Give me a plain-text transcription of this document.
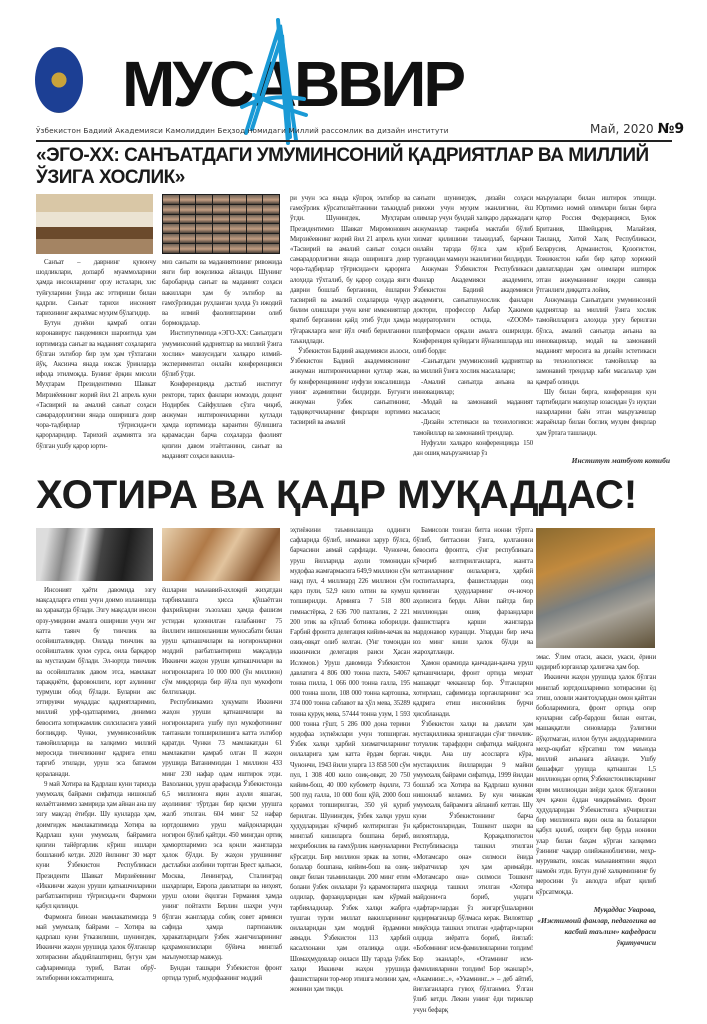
МУСАВВИР
Ўзбекистон Бадиий Академияси Камолиддин Беҳзод номидаги Миллий рассомлик ва дизайн институти	Май, 2020 №9
«ЭГО-ХХ: САНЪАТДАГИ УМУМИНСОНИЙ ҚАДРИЯТЛАР ВА МИЛЛИЙ ЎЗИГА ХОСЛИК»

Санъат – даврнинг қувончу шодликлари, долзарб муаммоларини ҳамда инсонларнинг орзу исталари, хис туйғуларини ўзида акс эттириши билан қадрли. Санъат тарихи инсоният тарихининг ажралмас муҳим бўлагидир.

Бутун дунёни қамраб олган коронавирус пандемияси шароитида ҳам юртимизда санъат ва маданият соҳаларига бўлган эътибор бир зум ҳам тўхтагани йўқ. Аксинча янада юксак ўринларда ифода этилмоқда. Бунинг ёрқин мисоли Муҳтарам Президентимиз Шавкат Мирзиёевнинг жорий йил 21 апрель куни «Тасвирий ва амалий санъат соҳаси самарадорлигини янада оширишга доир чора-тадбирлар тўғрисида»ги қарорларидир. Тарихий аҳамиятга эга бўлган ушбу қарор юрти-

миз санъати ва маданиятининг ривожида янги бир воқеликка айланди. Шунинг баробарида санъат ва маданият соҳаси вакиллари ҳам бу эътибор ва ғамхўрликдан руҳланган ҳолда ўз ижодий ва илмий фаолиятларини олиб бормоқдалар.

Институтимизда «ЭГО-ХХ: Санъатдаги умуминсоний қадриятлар ва миллий ўзига хослик» мавзусидаги халқаро илмий-экспериментал онлайн конференцияси бўлиб ўтди.

Конференцияда дастлаб институт ректори, тарих фанлари номзоди, доцент Нодирбек Сайфуллаев сўзга чиқиб, анжуман иштирокчиларини қутлади ҳамда юртимизда карантин бўлишига қарамасдан барча соҳаларда фаолият қизғин давом этаётганини, санъат ва маданият соҳаси вакилла-

ри учун эса янада кўпроқ эътибор ва ғамхўрлик кўрсатилаётганини таъкидлаб ўтди. Шунингдек, Муҳтарам Президентимиз Шавкат Миромонович Мирзиёевнинг жорий йил 21 апрель куни «Тасвирий ва амалий санъат соҳаси самарадорлигини янада оширишга доир чора-тадбирлар тўғрисида»ги қарорига алоҳида тўхталиб, бу қарор соҳада янги даврни бошлаб берганини, ёшларни тасвирий ва амалий соҳаларида чуқур билим олишлари учун кенг имкониятлар яратиб берганини қайд этиб ўтди ҳамда тўгаракларга кенг йўл очиб берилганини таъкидлади.

Ўзбекистон Бадиий академияси аъзоси, Ўзбекистон Бадиий академиясининг анжуман иштирокчиларини қутлар экан, бу конференциянинг нуфузи юксалишида унинг аҳамиятини билдирди. Бугунги анжуман ўзбек санъатининг, тадқиқотчиларнинг фикрлари юртимиз тасвирий ва амалий

санъати шунингдек, дизайн соҳаси ривожи учун муҳим эканлигини, ёш олимлар учун бундай халқаро даражадаги анжуманлар тажриба мактаби бўлиб хизмат қилишини таъкидлаб, барчани онлайн тарзда бўлса ҳам кўриб турганидан мамнун эканлигини билдирди.

Анжуман Ўзбекистон Республикаси Фанлар Академияси академиги, Ўзбекистон Бадиий академияси академиги, санъатшунослик фанлари доктори, профессор Акбар Ҳакимов модераторлиги остида, «ZOOM» платформаси орқали амалга оширилди. Конференция қуйидаги йўналишларда иш олиб борди:

-Санъатдаги умуминсоний қадриятлар ва миллий ўзига хослик масалалари;

-Амалий санъатда анъана ва инновациялар;

-Модай ва замонавий маданият масаласи;

-Дизайн эстетикаси ва технологияси: тамойиллар ва замонавий трендлар.

Нуфузли халқаро конференцияда 150 дан ошиқ маърузачилар ўз

маърузалари билан иштирок этишди. Юртимиз номий олимлари билан бирга қатор Россия Федерацияси, Буюк Британия, Швейцария, Малайзия, Таиланд, Хитой Халқ Республикаси, Беларусия, Арманистон, Қозоғистон, Тожикистон каби бир қатор хорижий давлатлардан ҳам олимлари иштирок этган анжуманнинг юқори савияда ўтганлиги диққатга лойиқ.

Анжуманда Санъатдаги умуминсоний қадриятлар ва миллий ўзига хослик тамойилларига алоҳида урғу берилган бўлса, амалий санъатда анъана ва инновациялар, модай ва замонавий маданият меросига ва дизайн эстетикаси ва технологияси: тамойиллар ва замонавий трендлар каби масалалар ҳам қамраб олинди.

Шу билан бирга, конференция кун тартибидаги мавзулар юзасидан ўз нуқтаи назарларини баён этган маърузачилар жараёнлар билан боғлиқ муҳим фикрлар ҳам ўртага ташланди.

Институт матбуот котиби
ХОТИРА ВА ҚАДР МУҚАДДАС!

Инсоният ҳаёти давомида эзгу мақсадларга етиш учун доимо изланишда ва ҳаракатда бўлади. Эзгу мақсадли инсон орзу-умидини амалга ошириши учун энг катта таянч бу тинчлик ва осойишталикдир. Оилада тинчлик ва осойишталик ҳукм сурса, оила барқарор ва мустаҳкам бўлади. Эл-юртда тинчлик ва осойишталик давом этса, мамлакат тараққиёти, фаровонлиги, юрт аҳлининг турмуши обод бўлади. Буларни акс эттирувчи муқаддас қадриятларимиз, миллий урф-одатларимиз, динимиз бевосита хотиржамлик силсиласига узвий боғлиқдир. Чунки, умуминсонийлик тамойилларида ва халқимиз миллий меросида тинчликнинг қадрига етиш тарғиб этилади, уруш эса батамом қораланади.

9 май Хотира ва Қадрлаш куни тарихда умумхалқ байрами сифатида нишонлаб келаётганимиз замирида ҳам айнан ана шу эзгу мақсад ётибди. Шу кунларда ҳам, доимгидек мамлакатимизда Хотира ва Қадрлаш куни умумхалқ байрамига қизғин тайёргарлик кўриш ишлари бошланиб кетди. 2020 йилнинг 30 март куни Ўзбекистон Республикаси Президенти Шавкат Мирзиёевнинг «Иккинчи жаҳон уруши қатнашчиларини рағбатлантириш тўғрисида»ги Фармони қабул қилинди.

Фармонга биноан мамлакатимизда 9 май умумхалқ байрами – Хотира ва қадрлаш куни ўтказилиши, шунингдек, Иккинчи жаҳон урушида ҳалок бўлганлар хотирасини абадийлаштириш, бугун ҳам сафларимизда туриб, Ватан обрў-эътиборини юксалтиришга,

ёшларни маънавий-ахлоқий жиҳатдан тарбиялашга ҳисса қўшаётган фахрийларни эъзозлаш ҳамда фашизм устидан қозонилган ғалабанинг 75 йиллиги нишонланиши муносабати билан уруш қатнашчилари ва ногиронларини моддий рағбатлантириш мақсадида Иккинчи жаҳон уруши қатнашчилари ва ногиронларига 10 000 000 (ўн миллион) сўм миқдорида бир йўла пул мукофоти белгиланди.

Республикамиз ҳукумати Иккинчи жаҳон уруши қатнашчилари ва ногиронларига ушбу пул мукофотининг тантанали топширилишига катта эътибор қаратди. Чунки 73 мамлакатдан 61 мамлакатни қамраб олган II жаҳон урушида Ватанимиздан 1 миллион 433 минг 230 нафар одам иштирок этди. Вахоланки, уруш арафасида Ўзбекистонда 6,5 миллионга яқин аҳоли яшаган, аҳолининг тўртдан бир қисми урушга жалб этилган. 604 минг 52 нафар юртдошимиз уруш майдонларидан ногирон бўлиб қайтди. 450 мингдан ортиқ ҳамюртларимиз эса қонли жангларда ҳалок бўлди. Бу жаҳон урушининг дастлабки азобини тортган Брест қалъаси, Москва, Ленинград, Сталинград шаҳарлари, Европа давлатлари ва ниҳоят, уруш олови ёқилган Германия ҳамда унинг пойтахти Берлин шаҳри учун бўлган жангларда собиқ совет армияси сафида ҳамда партизанлик ҳаракатларидаги ўзбек жангчиларининг қаҳрамонликлари бўйича минглаб маълумотлар мавжуд.

Бундан ташқари Ўзбекистон фронт ортида туриб, мудофаанинг моддий

эҳтиёжини таъминлашда оддинги сафларида бўлиб, нимаики зарур бўлса, барчасини аямай сарфлади. Чунончи, уруш йилларида аҳоли томонидан мудофаа жамғармасига 649,9 миллион сўм нақд пул, 4 миллиард 226 миллион сўм қарз пули, 52,9 кило олтин ва кумуш топширилди. Армияга 7 518 800 гимнастёрка, 2 636 700 пахталик, 2 221 200 этик ва кўплаб ботинка юборилди. Ғарбий фронтга делегация кийим-кечак ва озиқ-овқат олиб келган. (Унг томондан иккинчиси делегация раиси Ҳасан Исломов.) Уруш давомида Ўзбекистон давлатига 4 806 000 тонна пахта, 54067 тонна пилла, 1 066 000 тонна ғалла, 195 000 тонна шоли, 108 000 тонна картошка, 374 000 тонна сабзавот ва ҳўл мева, 35289 тонна қуруқ мева, 57444 тонна узум, 1 593 000 тонна гўшт, 5 286 000 дона терини мудофаа эҳтиёжлари учун топширган. Ўзбек халқи ҳарбий хизматчиларнинг оилаларига ҳам катта ёрдам берган. Чунончи, 1943 йили уларга 13 858 500 сўм пул, 1 308 400 кило озиқ-овқат, 20 750 кийим-бош, 40 000 кубометр ёқилғи, 73 500 пуд ғалла, 10 000 бош қўй, 2000 бош қорамол топширилган, 350 уй қуриб берилган. Шунингдек, ўзбек халқи уруш ҳудудларидан кўчириб келтирилган ўн минглаб кишиларга бошпана бериб, меҳрибонлик ва ғамхўрлик намуналарини кўрсатди. Бир миллион эркак ва хотин, болалар бошпана, кийим-бош ва озиқ-овқат билан таъминланди. 200 минг етим болани ўзбек оилалари ўз қарамоғларига олдилар, фарзандларидан кам кўрмай тарбияладилар. Ўзбек халқи жабрга тушган турли миллат вакилларининг оилаларидан ҳам моддий ёрдамини аямади. Ўзбекистон 113 ҳарбий касалхонани ҳам оталиққа олди. Шомаҳмудовлар оиласи Шу тарзда ўзбек халқи Иккинчи жаҳон урушида фашистларни тор-мор этишга молини ҳам, жонини ҳам тикди.

Бамисоли тонган битта нонни тўртга бўлиб, биттасини ўзига, қолганини бевосита фронтга, сўнг республикага кўчириб келтирилганларга, жангга кетганларнинг оилаларига, ҳарбий госпиталларга, фашистлардан озод қилинган ҳудудларнинг оч-ночор аҳолисига берди. Айни пайтда бир миллиондан ошиқ фарзандлари фашистларга қарши жангларда мардонавор курашди. Улардан бир неча юз минг киши ҳалок бўлди ва жароҳатланди.

Ҳамон орамизда қанчадан-қанча уруш қатнашчилари, фронт ортида меҳнат машаққат чекканлар бор. Ўтганларни хотирлаш, сафимизда юрганларнинг эса қадрига етиш инсонийлик бурчи ҳисобланади.

Ўзбекистон халқи ва давлати ҳам мустақилликка эришгандан сўнг тинчлик-тотувлик тарафдори сифатида майдонга чиқди. Ана шу асосларга кўра, мустақиллик йилларидан 9 майни умумхалқ байрами сифатида, 1999 йилдан бошлаб эса Хотира ва Қадрлаш кунини нишонлаб келамиз. Бу кун чинакам умумхалқ байрамига айланиб кетган. Шу куни Ўзбекистоннинг барча қабристонларидан, Тошкент шаҳри ва вилоятларда, Қорақалпоғистон Республикасида ташкил этилган «Мотамсаро она» силмоси ёнида зиёратчилар ҳеч ҳам аримайди. «Мотамсаро она» силмоси Тошкент шаҳрида ташкил этилган «Хотира майдони»га бориб, ундаги «дафтар»лардан ўз жигаргўшаларини қидирмаганлар бўлмаса керак. Вилоятлар миқёсида ташкил этилган «дафтар»ларни олдида зиёратга бориб, йиғлаб: «Бобомнинг исм-фамилияларини топдим! Бор эканлар!», «Отамнинг исм-фамилияларини топдим! Бор эканлар!», «Акамнинг...», «Укамнинг...» – деб айтиб, йиғлаганларга гувоҳ бўлганмиз. Ўлган ўлиб кетди. Лекин унинг ёди тириклар учун бефарқ

эмас. Ўлим отаси, акаси, укаси, ёрини қидириб юрганлар ҳалигача ҳам бор.

Иккинчи жаҳон урушида ҳалок бўлган минглаб юртдошларимиз хотирасини ёд этиш, оловли жанггоҳлардан омон қайтган боболаримизга, фронт ортида оғир кунларни сабр-бардош билан енгган, машаққатли синовларда ўзлигини йўқотмаган, иллои бутун аждодларимизга меҳр-оқибат кўрсатиш том маънода миллий анъанага айланди. Ушбу бешафқат урушда қатнашган 1,5 миллиондан ортиқ Ўзбекистонликларнинг ярим миллиондан зиёди ҳалок бўлганини ҳеч қачон ёддан чиқармаймиз. Фронт ҳудудларидан Ўзбекистонга кўчирилган бир миллионга яқин оила ва болаларни қабул қилиб, охирги бир бурда нонини улар билан баҳам кўрган халқимиз ўзининг чақдар олийжаноблигини, меҳр-муруввати, юксак маънавиятини яққол намоён этди. Бутун дунё халқимизнинг бу меросини ўз авлодга ибрат қилиб кўрсатмоқда.

Муқаддас Уварова,
«Ижтимоий фанлар, педагогика ва касбий таълим» кафедраси ўқитувчиси
